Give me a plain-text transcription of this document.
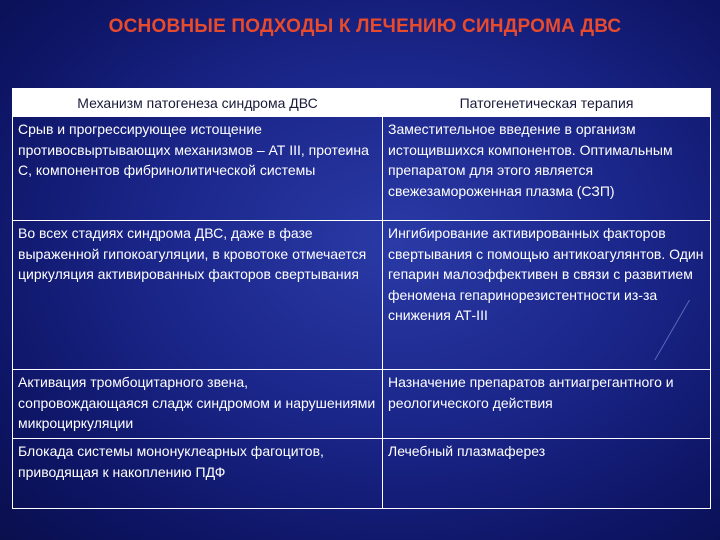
ОСНОВНЫЕ ПОДХОДЫ К ЛЕЧЕНИЮ СИНДРОМА ДВС
Механизм патогенеза синдрома ДВС	Патогенетическая терапия
Срыв и прогрессирующее истощение противосвыртывающих механизмов – АТ III, протеина С, компонентов фибринолитической системы	Заместительное введение в организм истощившихся компонентов. Оптимальным препаратом для этого является свежезамороженная плазма (СЗП)
Во всех стадиях синдрома ДВС, даже в фазе выраженной гипокоагуляции, в кровотоке отмечается циркуляция активированных факторов свертывания	Ингибирование активированных факторов свертывания с помощью антикоагулянтов. Один гепарин малоэффективен в связи с развитием феномена гепаринорезистентности из-за снижения АТ-III
Активация тромбоцитарного звена, сопровождающаяся сладж синдромом и нарушениями микроциркуляции	Назначение препаратов антиагрегантного и реологического действия
Блокада системы мононуклеарных фагоцитов, приводящая к накоплению ПДФ	Лечебный плазмаферез
